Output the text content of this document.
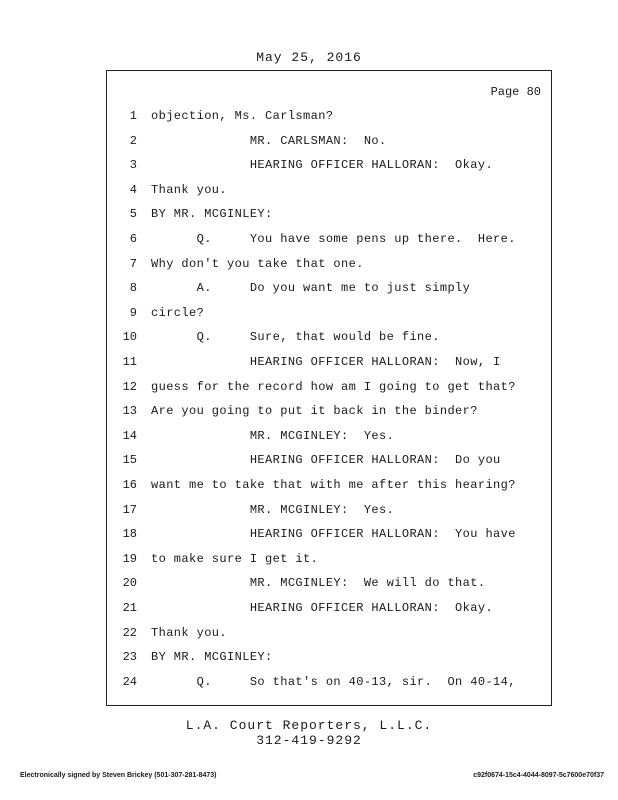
May 25, 2016
Page 80
1 objection, Ms. Carlsman?
2 MR. CARLSMAN:  No.
3 HEARING OFFICER HALLORAN:  Okay.
4 Thank you.
5 BY MR. MCGINLEY:
6 Q.     You have some pens up there.  Here.
7 Why don't you take that one.
8 A.     Do you want me to just simply
9 circle?
10 Q.     Sure, that would be fine.
11 HEARING OFFICER HALLORAN:  Now, I
12 guess for the record how am I going to get that?
13 Are you going to put it back in the binder?
14 MR. MCGINLEY:  Yes.
15 HEARING OFFICER HALLORAN:  Do you
16 want me to take that with me after this hearing?
17 MR. MCGINLEY:  Yes.
18 HEARING OFFICER HALLORAN:  You have
19 to make sure I get it.
20 MR. MCGINLEY:  We will do that.
21 HEARING OFFICER HALLORAN:  Okay.
22 Thank you.
23 BY MR. MCGINLEY:
24 Q.     So that's on 40-13, sir.  On 40-14,
L.A. Court Reporters, L.L.C.
312-419-9292
Electronically signed by Steven Brickey (501-307-281-8473)	c92f0674-15c4-4044-8097-5c7600e70f37
